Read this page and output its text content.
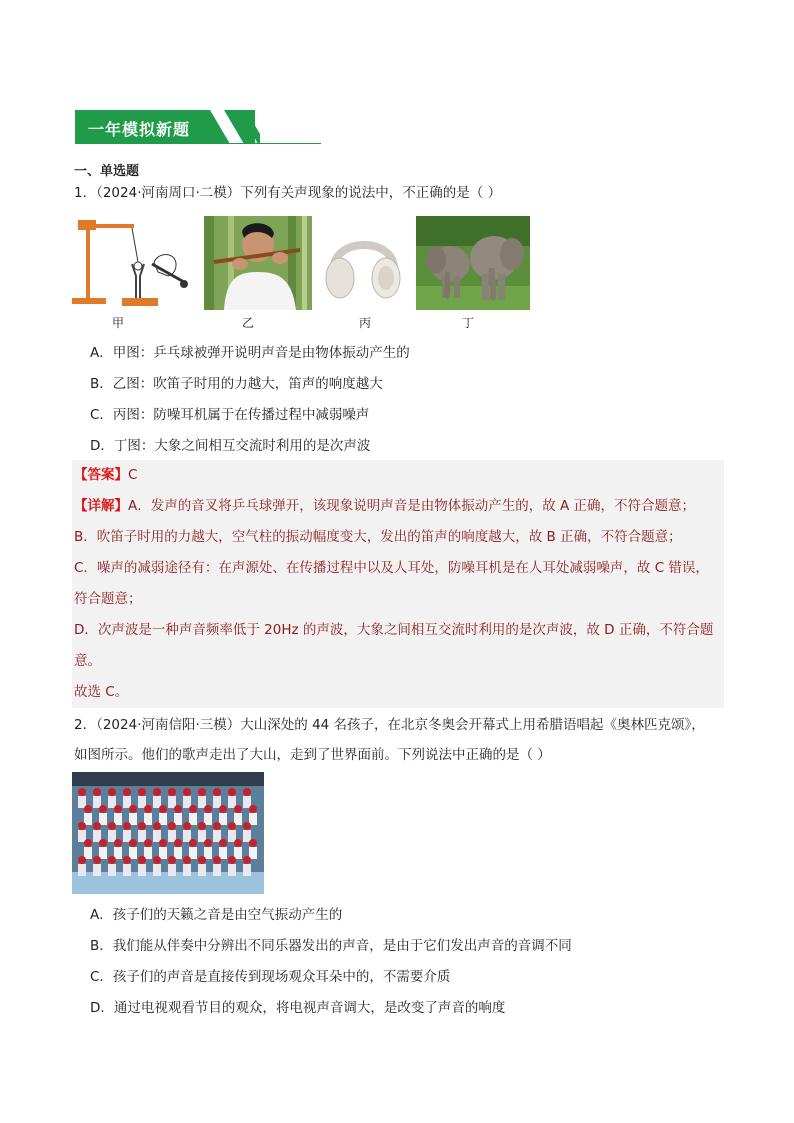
一年模拟新题
一、单选题
1．（2024·河南周口·二模）下列有关声现象的说法中，不正确的是（ ）
甲	乙	丙	丁
A．甲图：乒乓球被弹开说明声音是由物体振动产生的
B．乙图：吹笛子时用的力越大，笛声的响度越大
C．丙图：防噪耳机属于在传播过程中减弱噪声
D．丁图：大象之间相互交流时利用的是次声波
【答案】C
【详解】A．发声的音叉将乒乓球弹开，该现象说明声音是由物体振动产生的，故 A 正确，不符合题意；
B．吹笛子时用的力越大，空气柱的振动幅度变大，发出的笛声的响度越大，故 B 正确，不符合题意；
C．噪声的减弱途径有：在声源处、在传播过程中以及人耳处，防噪耳机是在人耳处减弱噪声，故 C 错误，
符合题意；
D．次声波是一种声音频率低于 20Hz 的声波，大象之间相互交流时利用的是次声波，故 D 正确，不符合题
意。
故选 C。
2．（2024·河南信阳·三模）大山深处的 44 名孩子，在北京冬奥会开幕式上用希腊语唱起《奥林匹克颂》，
如图所示。他们的歌声走出了大山，走到了世界面前。下列说法中正确的是（ ）
A．孩子们的天籁之音是由空气振动产生的
B．我们能从伴奏中分辨出不同乐器发出的声音，是由于它们发出声音的音调不同
C．孩子们的声音是直接传到现场观众耳朵中的，不需要介质
D．通过电视观看节目的观众，将电视声音调大，是改变了声音的响度
